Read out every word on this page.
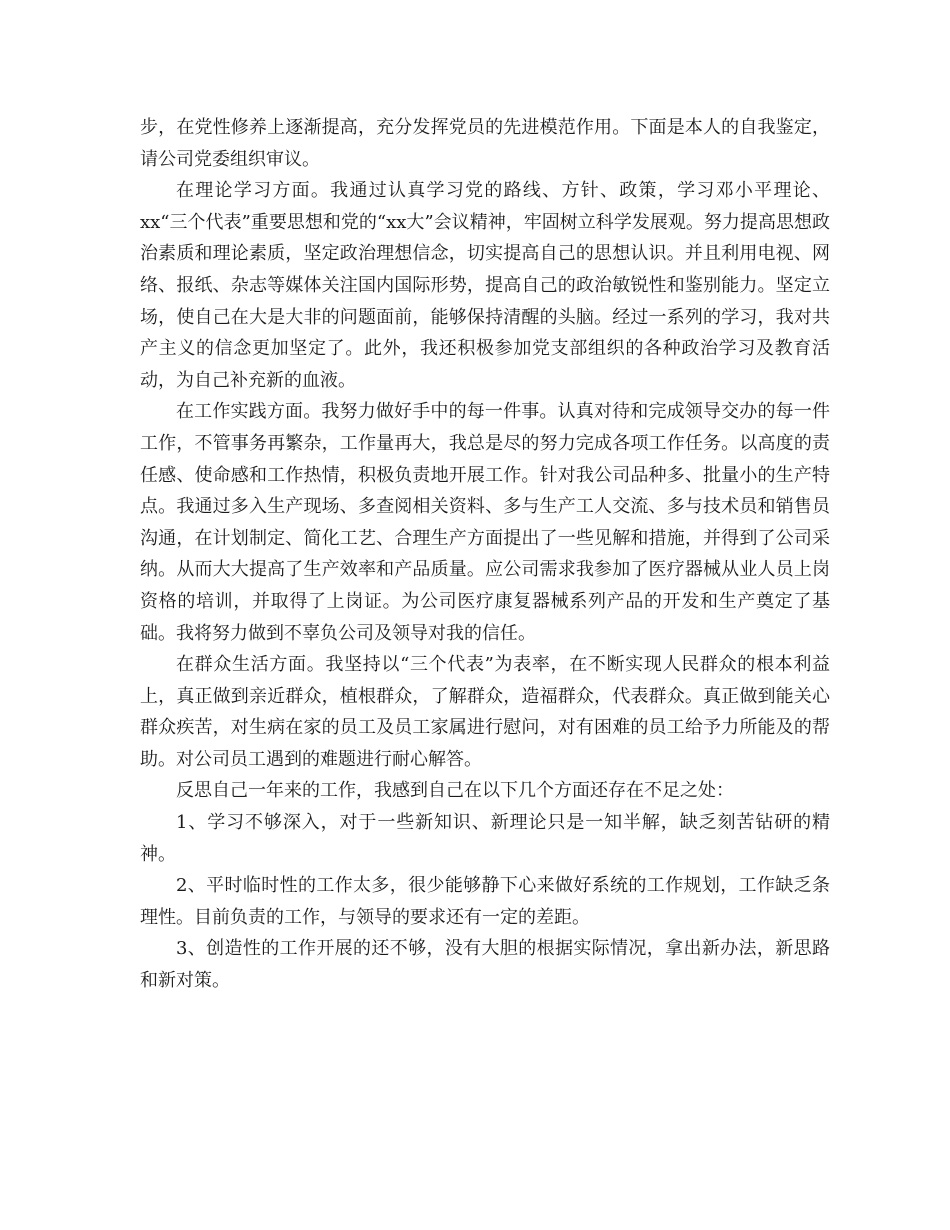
步，在党性修养上逐渐提高，充分发挥党员的先进模范作用。下面是本人的自我鉴定，请公司党委组织审议。

在理论学习方面。我通过认真学习党的路线、方针、政策，学习邓小平理论、xx“三个代表”重要思想和党的“xx大”会议精神，牢固树立科学发展观。努力提高思想政治素质和理论素质，坚定政治理想信念，切实提高自己的思想认识。并且利用电视、网络、报纸、杂志等媒体关注国内国际形势，提高自己的政治敏锐性和鉴别能力。坚定立场，使自己在大是大非的问题面前，能够保持清醒的头脑。经过一系列的学习，我对共产主义的信念更加坚定了。此外，我还积极参加党支部组织的各种政治学习及教育活动，为自己补充新的血液。

在工作实践方面。我努力做好手中的每一件事。认真对待和完成领导交办的每一件工作，不管事务再繁杂，工作量再大，我总是尽的努力完成各项工作任务。以高度的责任感、使命感和工作热情，积极负责地开展工作。针对我公司品种多、批量小的生产特点。我通过多入生产现场、多查阅相关资料、多与生产工人交流、多与技术员和销售员沟通，在计划制定、简化工艺、合理生产方面提出了一些见解和措施，并得到了公司采纳。从而大大提高了生产效率和产品质量。应公司需求我参加了医疗器械从业人员上岗资格的培训，并取得了上岗证。为公司医疗康复器械系列产品的开发和生产奠定了基础。我将努力做到不辜负公司及领导对我的信任。

在群众生活方面。我坚持以“三个代表”为表率，在不断实现人民群众的根本利益上，真正做到亲近群众，植根群众，了解群众，造福群众，代表群众。真正做到能关心群众疾苦，对生病在家的员工及员工家属进行慰问，对有困难的员工给予力所能及的帮助。对公司员工遇到的难题进行耐心解答。

反思自己一年来的工作，我感到自己在以下几个方面还存在不足之处：

1、学习不够深入，对于一些新知识、新理论只是一知半解，缺乏刻苦钻研的精神。

2、平时临时性的工作太多，很少能够静下心来做好系统的工作规划，工作缺乏条理性。目前负责的工作，与领导的要求还有一定的差距。

3、创造性的工作开展的还不够，没有大胆的根据实际情况，拿出新办法，新思路和新对策。
